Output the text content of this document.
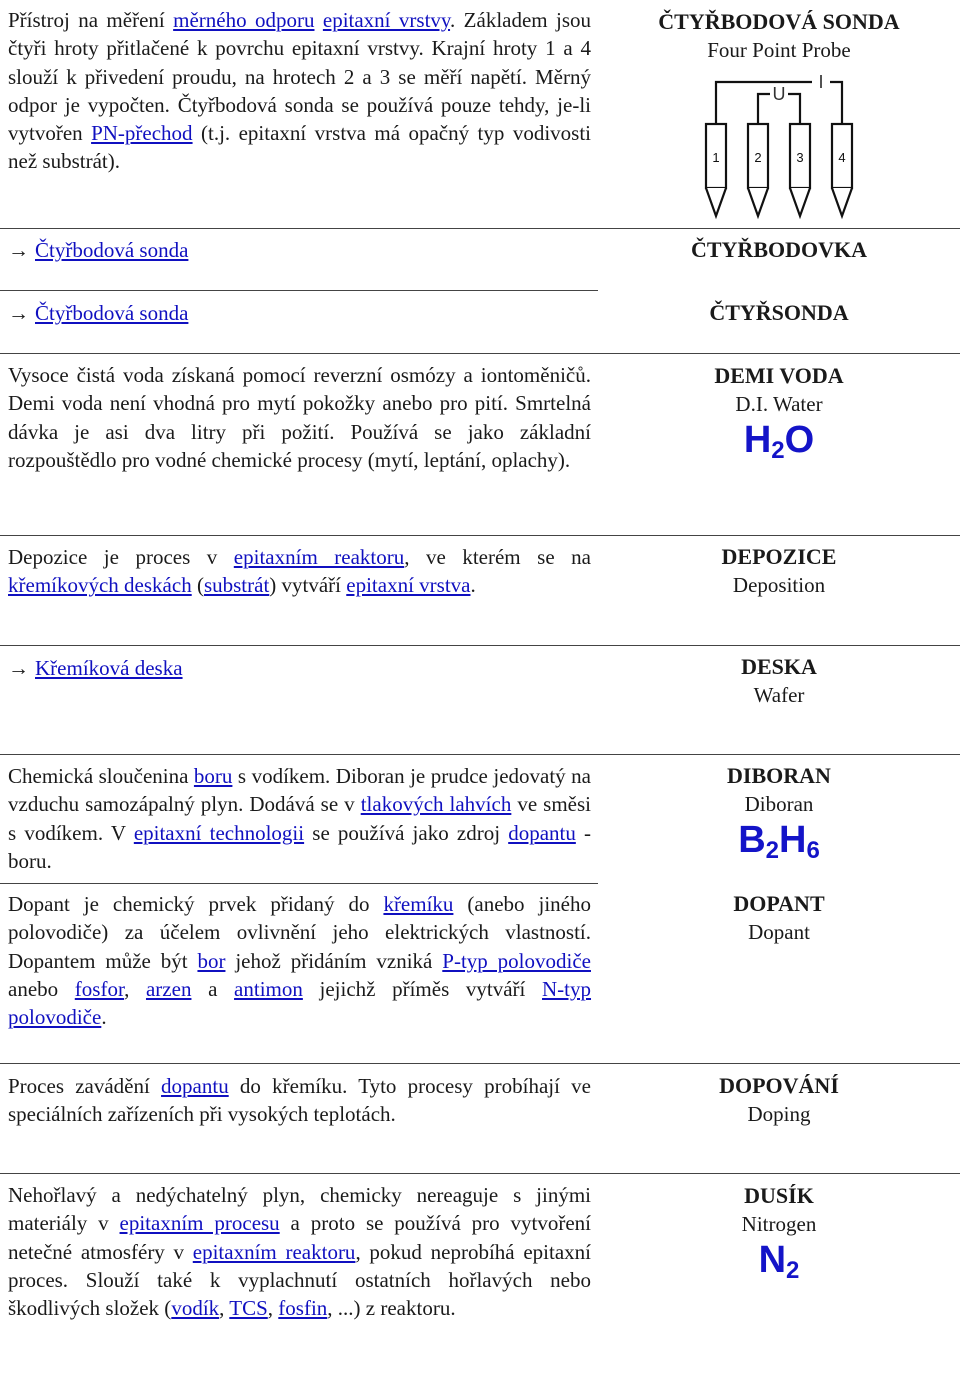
Přístroj na měření měrného odporu epitaxní vrstvy. Základem jsou čtyři hroty přitlačené k povrchu epitaxní vrstvy. Krajní hroty 1 a 4 slouží k přivedení proudu, na hrotech 2 a 3 se měří napětí. Měrný odpor je vypočten. Čtyřbodová sonda se používá pouze tehdy, je-li vytvořen PN-přechod (t.j. epitaxní vrstva má opačný typ vodivosti než substrát).
ČTYŘBODOVÁ SONDA
Four Point Probe
U
I
1	2	3	4
→ Čtyřbodová sonda	ČTYŘBODOVKA
→ Čtyřbodová sonda	ČTYŘSONDA
Vysoce čistá voda získaná pomocí reverzní osmózy a iontoměničů. Demi voda není vhodná pro mytí pokožky anebo pro pití. Smrtelná dávka je asi dva litry při požití. Používá se jako základní rozpouštědlo pro vodné chemické procesy (mytí, leptání, oplachy).
DEMI VODA
D.I. Water
$H_2O$
Depozice je proces v epitaxním reaktoru, ve kterém se na křemíkových deskách (substrát) vytváří epitaxní vrstva.
DEPOZICE
Deposition
→ Křemíková deska	DESKA
Wafer
Chemická sloučenina boru s vodíkem. Diboran je prudce jedovatý na vzduchu samozápalný plyn. Dodává se v tlakových lahvích ve směsi s vodíkem. V epitaxní technologii se používá jako zdroj dopantu - boru.
DIBORAN
Diboran
$B_2H_6$
Dopant je chemický prvek přidaný do křemíku (anebo jiného polovodiče) za účelem ovlivnění jeho elektrických vlastností. Dopantem může být bor jehož přidáním vzniká P-typ polovodiče anebo fosfor, arzen a antimon jejichž příměs vytváří N-typ polovodiče.
DOPANT
Dopant
Proces zavádění dopantu do křemíku. Tyto procesy probíhají ve speciálních zařízeních při vysokých teplotách.
DOPOVÁNÍ
Doping
Nehořlavý a nedýchatelný plyn, chemicky nereaguje s jinými materiály v epitaxním procesu a proto se používá pro vytvoření netečné atmosféry v epitaxním reaktoru, pokud neprobíhá epitaxní proces. Slouží také k vyplachnutí ostatních hořlavých nebo škodlivých složek (vodík, TCS, fosfin, ...) z reaktoru.
DUSÍK
Nitrogen
$N_2$
